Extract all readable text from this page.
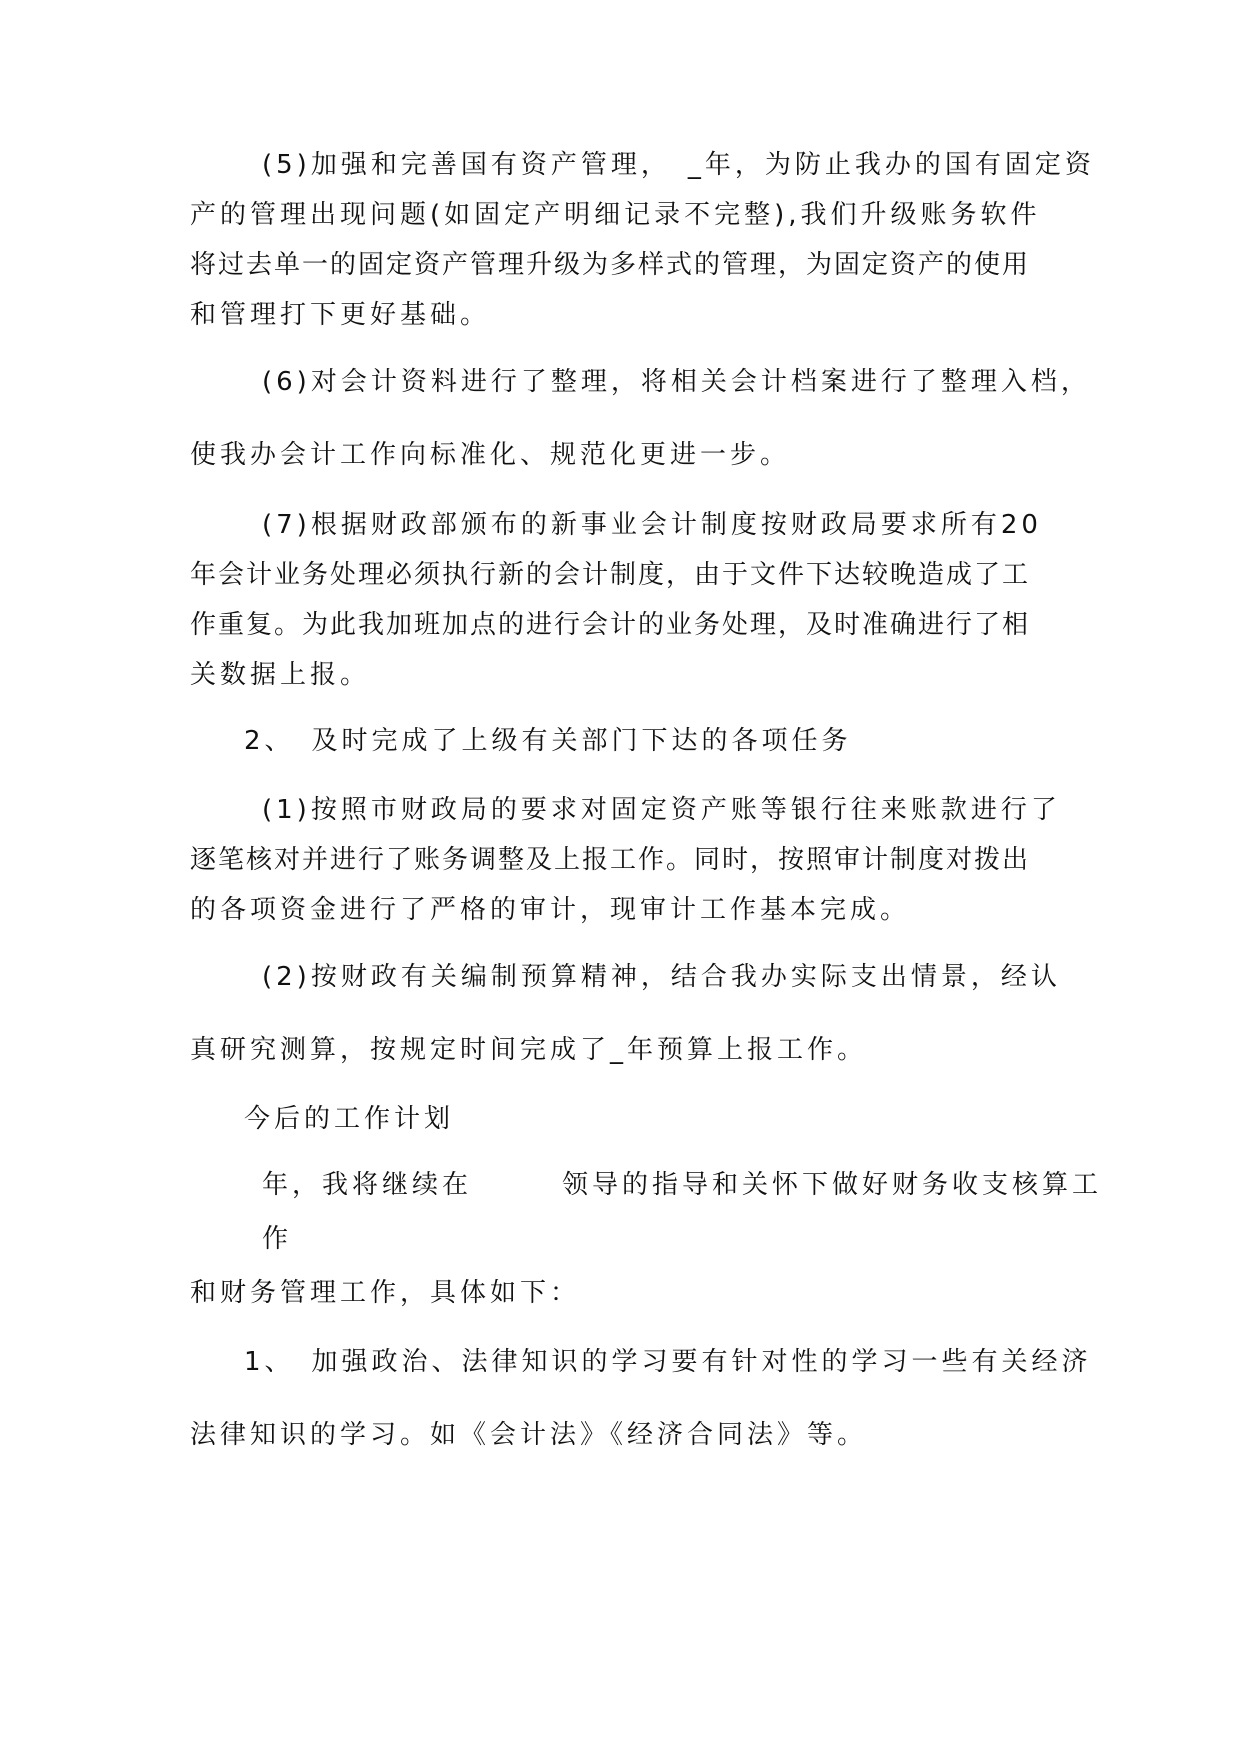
(5)加强和完善国有资产管理，　_年，为防止我办的国有固定资

产的管理出现问题(如固定产明细记录不完整),我们升级账务软件

将过去单一的固定资产管理升级为多样式的管理，为固定资产的使用

和管理打下更好基础。

(6)对会计资料进行了整理，将相关会计档案进行了整理入档，

使我办会计工作向标准化、规范化更进一步。

(7)根据财政部颁布的新事业会计制度按财政局要求所有20

年会计业务处理必须执行新的会计制度，由于文件下达较晚造成了工

作重复。为此我加班加点的进行会计的业务处理，及时准确进行了相

关数据上报。

2、　及时完成了上级有关部门下达的各项任务

(1)按照市财政局的要求对固定资产账等银行往来账款进行了

逐笔核对并进行了账务调整及上报工作。同时，按照审计制度对拨出

的各项资金进行了严格的审计，现审计工作基本完成。

(2)按财政有关编制预算精神，结合我办实际支出情景，经认

真研究测算，按规定时间完成了_年预算上报工作。

今后的工作计划

年，我将继续在　　　领导的指导和关怀下做好财务收支核算工

作

和财务管理工作，具体如下：

1、　加强政治、法律知识的学习要有针对性的学习一些有关经济

法律知识的学习。如《会计法》《经济合同法》等。
